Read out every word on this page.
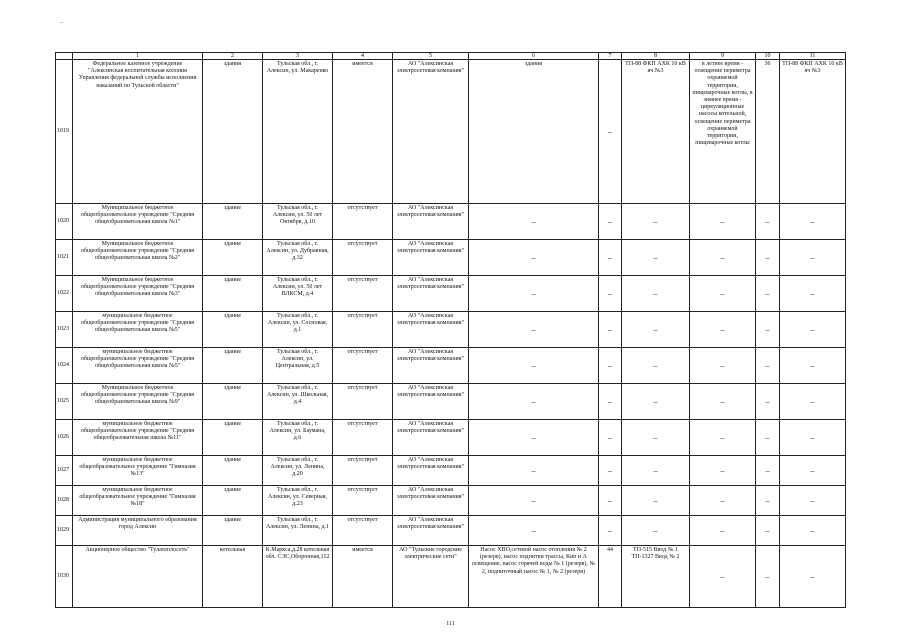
–
	1	2	3	4	5	6	7	8	9	10	11
1019	Федеральное казенное учреждение "Алексинская воспитательная колония Управления федеральной службы исполнения наказаний по Тульской области"	здания	Тульская обл., г. Алексин, ул. Макаренко	имеется	АО "Алексинская электросетевая компания"	здания	–	ТП-88 ФКП АХК 10 кВ яч №3	в летнее время - освещение периметра охраняемой территории, пищеварочные котлы, в зимнее время - циркуляционные насосы котельной, освещение периметра охраняемой территории, пищеварочные котлы	36	ТП-88 ФКП АХК 10 кВ яч №3
1020	Муниципальное бюджетное общеобразовательное учреждение "Средняя общеобразовательная школа №1"	здание	Тульская обл., г. Алексин, ул. 50 лет Октября, д.10	отсутствует	АО "Алексинская электросетевая компания"	–	–	–	–	–	–
1021	Муниципальное бюджетное общеобразовательное учреждение "Средняя общеобразовательная школа №2"	здание	Тульская обл., г. Алексин, ул. Дубравная, д.32	отсутствует	АО "Алексинская электросетевая компания"	–	–	–	–	–	–
1022	Муниципальное бюджетное общеобразовательное учреждение "Средняя общеобразовательная школа №3"	здание	Тульская обл., г. Алексин, ул. 50 лет ВЛКСМ, д.4	отсутствует	АО "Алексинская электросетевая компания"	–	–	–	–	–	–
1023	муниципальное бюджетное общеобразовательное учреждение "Средняя общеобразовательная школа №5"	здание	Тульская обл., г. Алексин, ул. Сосновая, д.1	отсутствует	АО "Алексинская электросетевая компания"	–	–	–	–	–	–
1024	муниципальное бюджетное общеобразовательное учреждение "Средняя общеобразовательная школа №5"	здание	Тульская обл., г. Алексин, ул. Центральная, д.5	отсутствует	АО "Алексинская электросетевая компания"	–	–	–	–	–	–
1025	Муниципальное бюджетное общеобразовательное учреждение "Средняя общеобразовательная школа №9"	здание	Тульская обл., г. Алексин, ул. Школьная, д.4	отсутствует	АО "Алексинская электросетевая компания"	–	–	–	–	–	–
1026	муниципальное бюджетное общеобразовательное учреждение "Средняя общеобразовательная школа №11"	здание	Тульская обл., г. Алексин, ул. Баумана, д.6	отсутствует	АО "Алексинская электросетевая компания"	–	–	–	–	–	–
1027	муниципальное бюджетное общеобразовательное учреждение "Гимназия №13"	здание	Тульская обл., г. Алексин, ул. Ленина, д.20	отсутствует	АО "Алексинская электросетевая компания"	–	–	–	–	–	–
1028	муниципальное бюджетное общеобразовательное учреждение "Гимназия №18"	здание	Тульская обл., г. Алексин, ул. Северная, д.23	отсутствует	АО "Алексинская электросетевая компания"	–	–	–	–	–	–
1029	Администрация муниципального образования город Алексин	здание	Тульская обл., г. Алексин, ул. Ленина, д.1	отсутствует	АО "Алексинская электросетевая компания"	–	–	–	–	–	–
1030	Акционерное общество "Тулатеплосеть"	котельная	К.Маркса,д.28 котельная обл. СЭС,Оборонная,112	имеется	АО "Тульские городские электрические сети"	Насос ХВО,сетевой насос отопления № 2 (резерв), насос подпитки трассы, Кип и А освещение, насос горячей воды № 1 (резерв), № 2, подпиточный насос № 1, № 2 (резерв)	44	ТП-515 Ввод № 1 ТП-1327 Ввод № 2	–	–	–
111
